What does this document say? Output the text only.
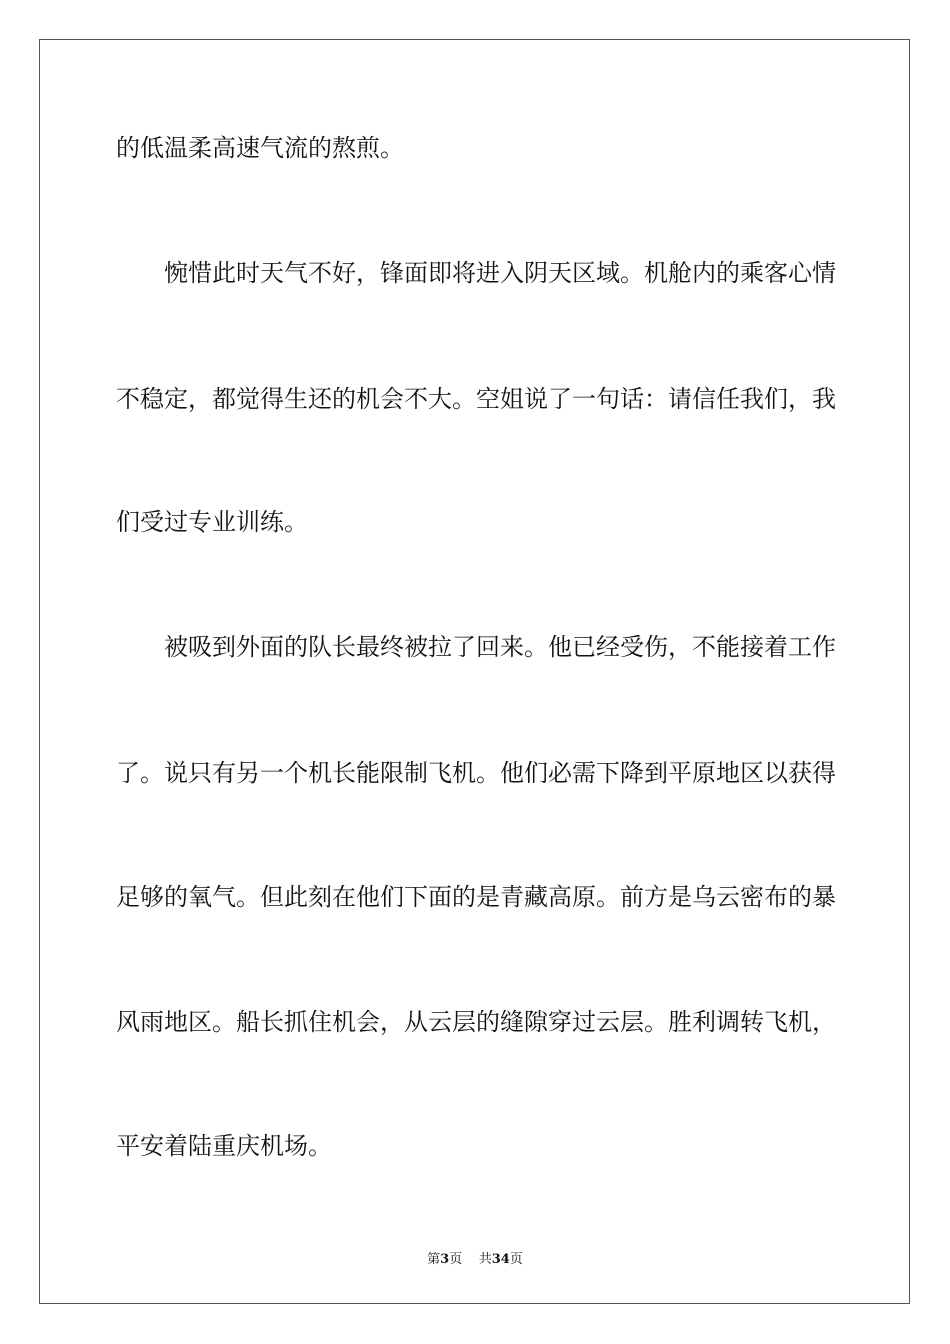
的低温柔高速气流的熬煎。
　　惋惜此时天气不好，锋面即将进入阴天区域。机舱内的乘客心情
不稳定，都觉得生还的机会不大。空姐说了一句话：请信任我们，我
们受过专业训练。
　　被吸到外面的队长最终被拉了回来。他已经受伤，不能接着工作
了。说只有另一个机长能限制飞机。他们必需下降到平原地区以获得
足够的氧气。但此刻在他们下面的是青藏高原。前方是乌云密布的暴
风雨地区。船长抓住机会，从云层的缝隙穿过云层。胜利调转飞机，
平安着陆重庆机场。
第3页 共34页
